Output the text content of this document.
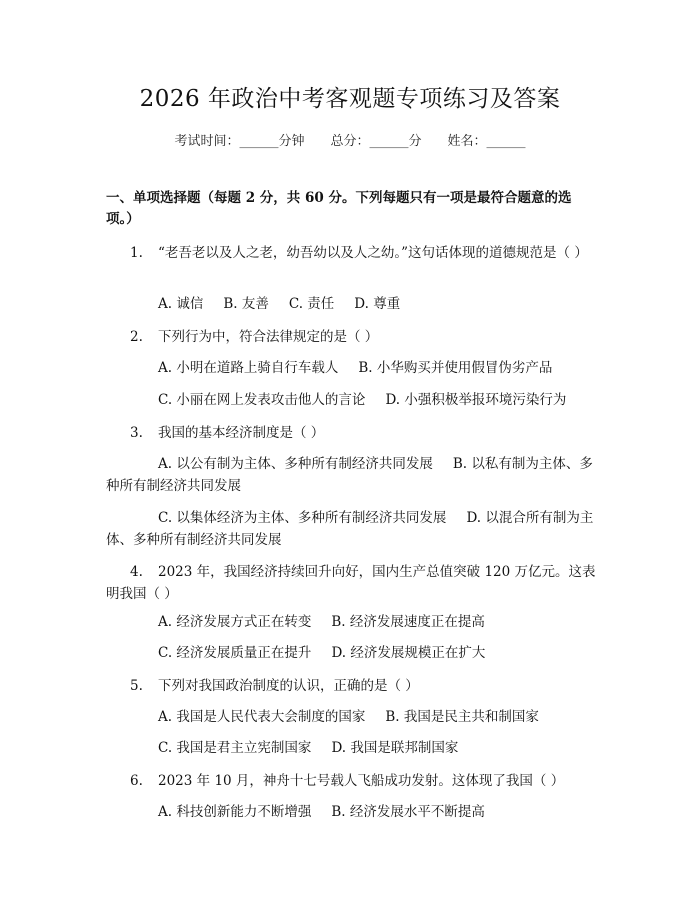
2026 年政治中考客观题专项练习及答案
考试时间：______分钟 总分：______分 姓名：______
一、单项选择题（每题 2 分，共 60 分。下列每题只有一项是最符合题意的选项。）
1. “老吾老以及人之老，幼吾幼以及人之幼。”这句话体现的道德规范是（ ）
A. 诚信 B. 友善 C. 责任 D. 尊重
2. 下列行为中，符合法律规定的是（ ）
A. 小明在道路上骑自行车载人 B. 小华购买并使用假冒伪劣产品
C. 小丽在网上发表攻击他人的言论 D. 小强积极举报环境污染行为
3. 我国的基本经济制度是（ ）
A. 以公有制为主体、多种所有制经济共同发展 B. 以私有制为主体、多种所有制经济共同发展
C. 以集体经济为主体、多种所有制经济共同发展 D. 以混合所有制为主体、多种所有制经济共同发展
4. 2023 年，我国经济持续回升向好，国内生产总值突破 120 万亿元。这表明我国（ ）
A. 经济发展方式正在转变 B. 经济发展速度正在提高
C. 经济发展质量正在提升 D. 经济发展规模正在扩大
5. 下列对我国政治制度的认识，正确的是（ ）
A. 我国是人民代表大会制度的国家 B. 我国是民主共和制国家
C. 我国是君主立宪制国家 D. 我国是联邦制国家
6. 2023 年 10 月，神舟十七号载人飞船成功发射。这体现了我国（ ）
A. 科技创新能力不断增强 B. 经济发展水平不断提高
